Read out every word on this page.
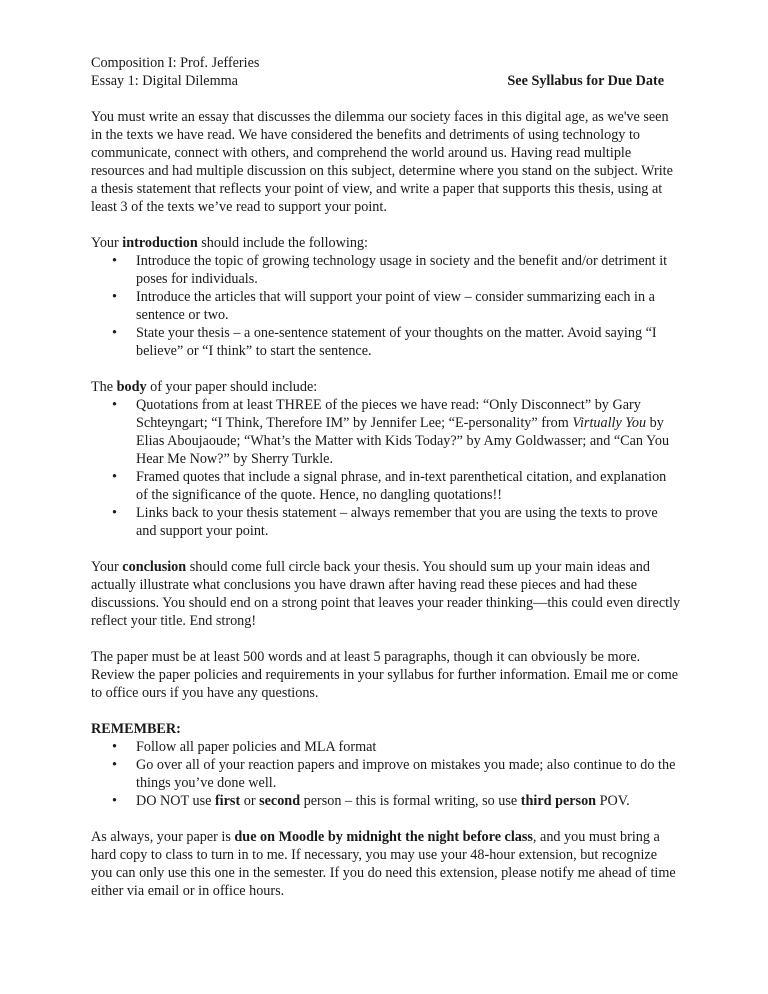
Composition I: Prof. Jefferies

Essay 1: Digital Dilemma	See Syllabus for Due Date

You must write an essay that discusses the dilemma our society faces in this digital age, as we've seen in the texts we have read. We have considered the benefits and detriments of using technology to communicate, connect with others, and comprehend the world around us. Having read multiple resources and had multiple discussion on this subject, determine where you stand on the subject. Write a thesis statement that reflects your point of view, and write a paper that supports this thesis, using at least 3 of the texts we’ve read to support your point.

Your introduction should include the following:

• Introduce the topic of growing technology usage in society and the benefit and/or detriment it poses for individuals.
• Introduce the articles that will support your point of view – consider summarizing each in a sentence or two.
• State your thesis – a one-sentence statement of your thoughts on the matter. Avoid saying “I believe” or “I think” to start the sentence.

The body of your paper should include:

• Quotations from at least THREE of the pieces we have read: “Only Disconnect” by Gary Schteyngart; “I Think, Therefore IM” by Jennifer Lee; “E-personality” from Virtually You by Elias Aboujaoude; “What’s the Matter with Kids Today?” by Amy Goldwasser; and “Can You Hear Me Now?” by Sherry Turkle.
• Framed quotes that include a signal phrase, and in-text parenthetical citation, and explanation of the significance of the quote. Hence, no dangling quotations!!
• Links back to your thesis statement – always remember that you are using the texts to prove and support your point.

Your conclusion should come full circle back your thesis. You should sum up your main ideas and actually illustrate what conclusions you have drawn after having read these pieces and had these discussions. You should end on a strong point that leaves your reader thinking—this could even directly reflect your title. End strong!

The paper must be at least 500 words and at least 5 paragraphs, though it can obviously be more. Review the paper policies and requirements in your syllabus for further information. Email me or come to office ours if you have any questions.

REMEMBER:

• Follow all paper policies and MLA format
• Go over all of your reaction papers and improve on mistakes you made; also continue to do the things you’ve done well.
• DO NOT use first or second person – this is formal writing, so use third person POV.

As always, your paper is due on Moodle by midnight the night before class, and you must bring a hard copy to class to turn in to me. If necessary, you may use your 48-hour extension, but recognize you can only use this one in the semester. If you do need this extension, please notify me ahead of time either via email or in office hours.
